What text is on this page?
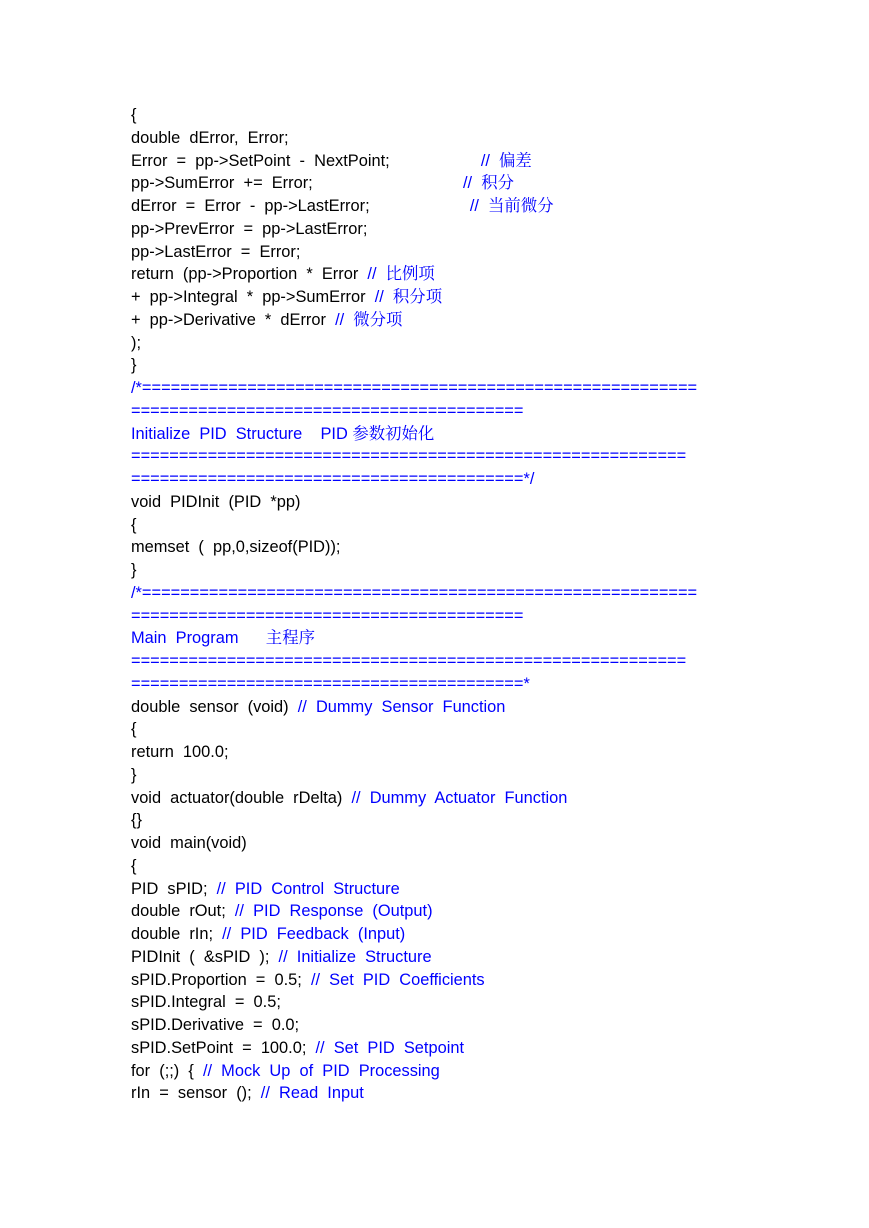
{
double  dError,  Error;
Error  =  pp->SetPoint  -  NextPoint;                    //  偏差
pp->SumError  +=  Error;                                 //  积分
dError  =  Error  -  pp->LastError;                      //  当前微分
pp->PrevError  =  pp->LastError;
pp->LastError  =  Error;
return  (pp->Proportion  *  Error  //  比例项
+  pp->Integral  *  pp->SumError  //  积分项
+  pp->Derivative  *  dError  //  微分项
);
}
/*==========================================================
=========================================
Initialize  PID  Structure    PID 参数初始化
==========================================================
=========================================*/
void  PIDInit  (PID  *pp)
{
memset  (  pp,0,sizeof(PID));
}
/*==========================================================
=========================================
Main  Program      主程序
==========================================================
=========================================*
double  sensor  (void)  //  Dummy  Sensor  Function
{
return  100.0;
}
void  actuator(double  rDelta)  //  Dummy  Actuator  Function
{}
void  main(void)
{
PID  sPID;  //  PID  Control  Structure
double  rOut;  //  PID  Response  (Output)
double  rIn;  //  PID  Feedback  (Input)
PIDInit  (  &sPID  );  //  Initialize  Structure
sPID.Proportion  =  0.5;  //  Set  PID  Coefficients
sPID.Integral  =  0.5;
sPID.Derivative  =  0.0;
sPID.SetPoint  =  100.0;  //  Set  PID  Setpoint
for  (;;)  {  //  Mock  Up  of  PID  Processing
rIn  =  sensor  ();  //  Read  Input
